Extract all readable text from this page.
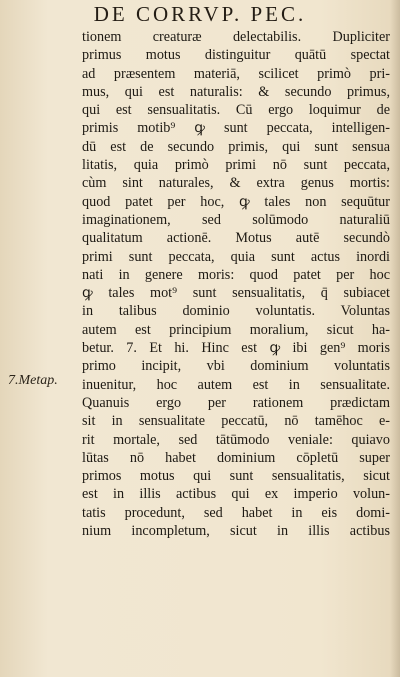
DE CORRVP. PEC.
7.Metap.
tionem creaturæ delectabilis. Dupliciter
primus motus distinguitur quātū spectat
ad præsentem materiā, scilicet primò pri-
mus, qui est naturalis: & secundo primus,
qui est sensualitatis. Cū ergo loquimur de
primis motib⁹ ꝙ sunt peccata, intelligen-
dū est de secundo primis, qui sunt sensua
litatis, quia primò primi nō sunt peccata,
cùm sint naturales, & extra genus mortis:
quod patet per hoc, ꝙ tales non sequūtur
imaginationem, sed solūmodo naturaliū
qualitatum actionē. Motus autē secundò
primi sunt peccata, quia sunt actus inordi
nati in genere moris: quod patet per hoc
ꝙ tales mot⁹ sunt sensualitatis, q̄ subiacet
in talibus dominio voluntatis. Voluntas
autem est principium moralium, sicut ha-
betur. 7. Et hi. Hinc est ꝙ ibi gen⁹ moris
primo incipit, vbi dominium voluntatis
inuenitur, hoc autem est in sensualitate.
Quanuis ergo per rationem prædictam
sit in sensualitate peccatū, nō tamēhoc e-
rit mortale, sed tātūmodo veniale: quiavo
lūtas nō habet dominium cōpletū super
primos motus qui sunt sensualitatis, sicut
est in illis actibus qui ex imperio volun-
tatis procedunt, sed habet in eis domi-
nium incompletum, sicut in illis actibus
